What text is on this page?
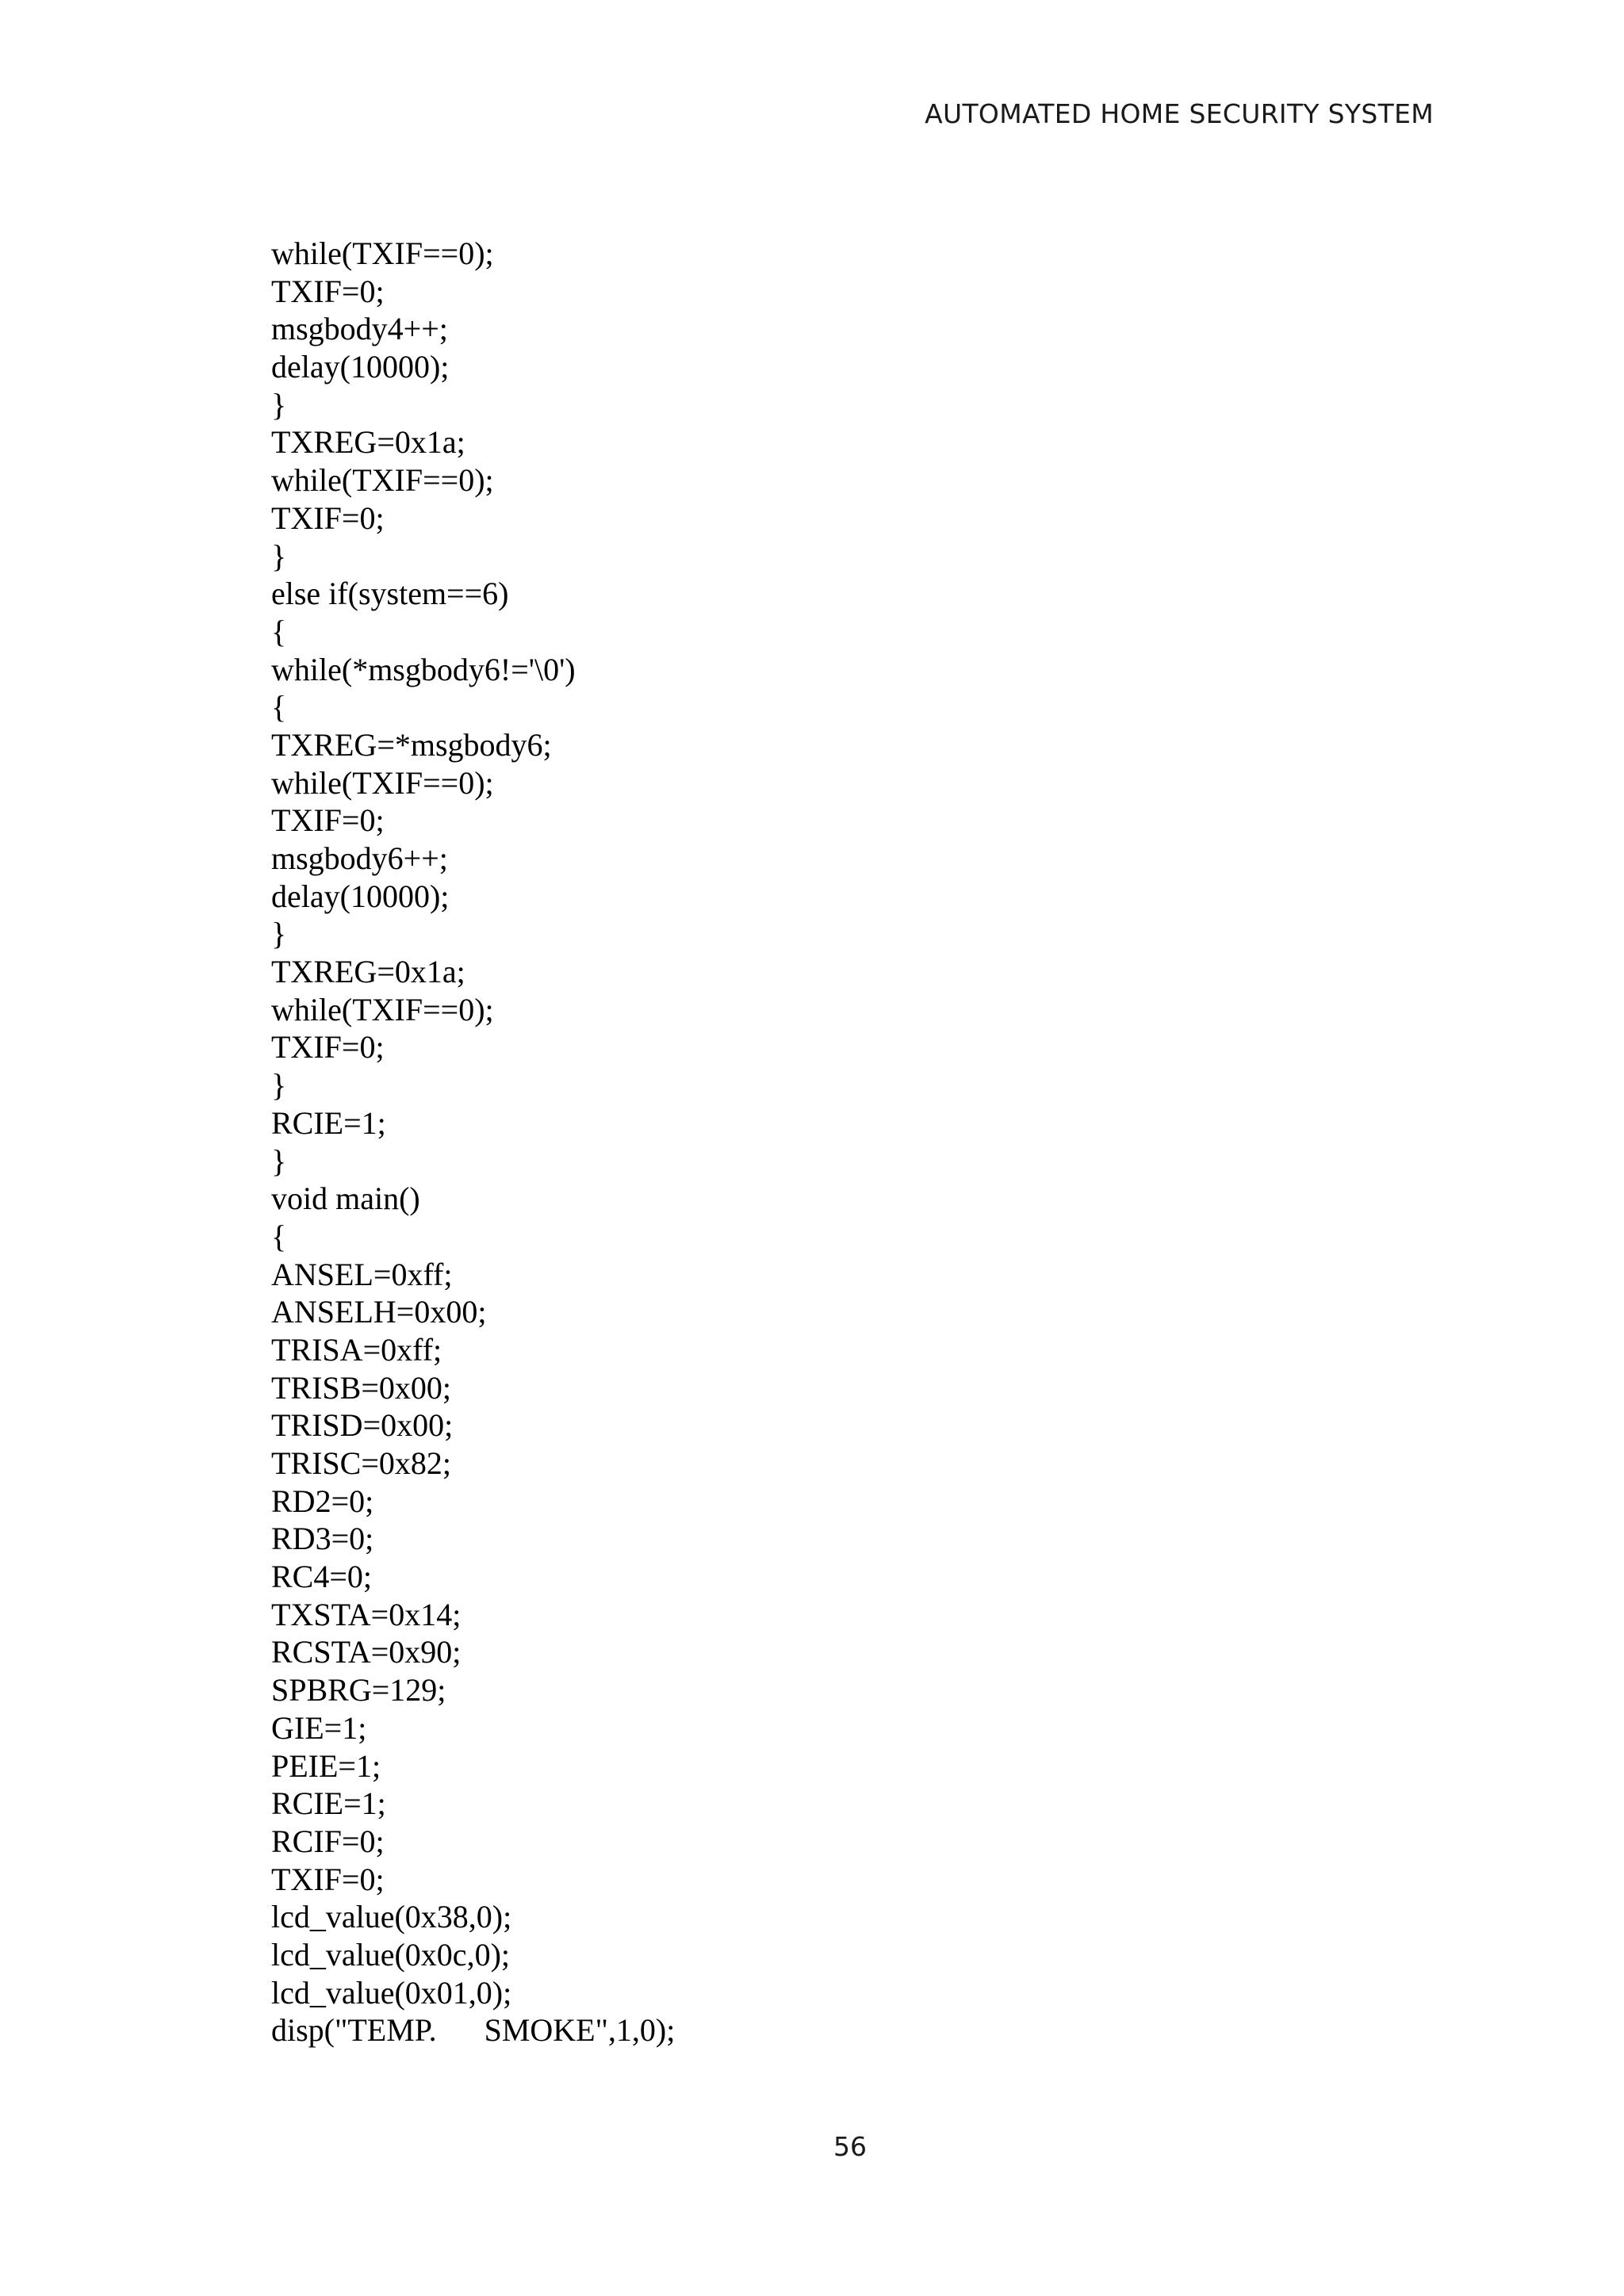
AUTOMATED HOME SECURITY SYSTEM
while(TXIF==0);
TXIF=0;
msgbody4++;
delay(10000);
}
TXREG=0x1a;
while(TXIF==0);
TXIF=0;
}
else if(system==6)
{
while(*msgbody6!='\0')
{
TXREG=*msgbody6;
while(TXIF==0);
TXIF=0;
msgbody6++;
delay(10000);
}
TXREG=0x1a;
while(TXIF==0);
TXIF=0;
}
RCIE=1;
}
void main()
{
ANSEL=0xff;
ANSELH=0x00;
TRISA=0xff;
TRISB=0x00;
TRISD=0x00;
TRISC=0x82;
RD2=0;
RD3=0;
RC4=0;
TXSTA=0x14;
RCSTA=0x90;
SPBRG=129;
GIE=1;
PEIE=1;
RCIE=1;
RCIF=0;
TXIF=0;
lcd_value(0x38,0);
lcd_value(0x0c,0);
lcd_value(0x01,0);
disp("TEMP.      SMOKE",1,0);
56
